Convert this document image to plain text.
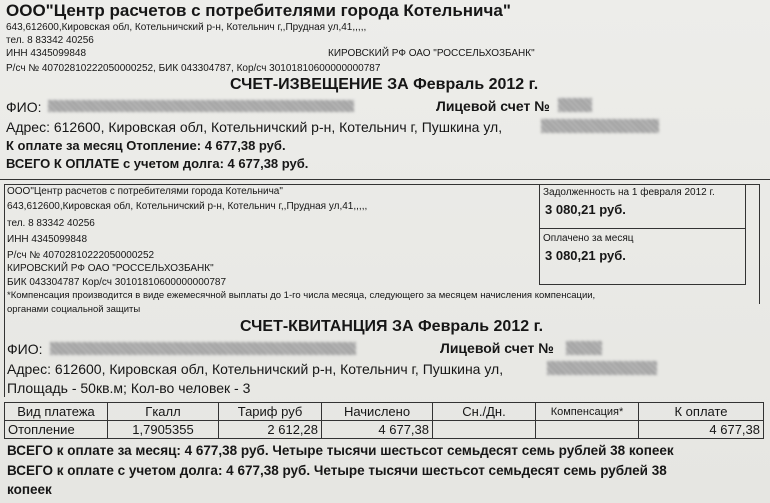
ООО"Центр расчетов с потребителями города Котельнича"
643,612600,Кировская обл, Котельничский р-н, Котельнич г,,Прудная ул,41,,,,,
тел. 8 83342 40256
ИНН 4345099848	КИРОВСКИЙ РФ ОАО "РОССЕЛЬХОЗБАНК"
Р/сч № 40702810222050000252, БИК 043304787, Кор/сч 30101810600000000787
СЧЕТ-ИЗВЕЩЕНИЕ ЗА Февраль 2012 г.
ФИО:	Лицевой счет №
Адрес: 612600, Кировская обл, Котельничский р-н, Котельнич г, Пушкина ул,
К оплате за месяц Отопление: 4 677,38 руб.
ВСЕГО К ОПЛАТЕ с учетом долга: 4 677,38 руб.
ООО"Центр расчетов с потребителями города Котельнича"
643,612600,Кировская обл, Котельничский р-н, Котельнич г,,Прудная ул,41,,,,,
тел. 8 83342 40256
ИНН 4345099848
Р/сч № 40702810222050000252
КИРОВСКИЙ РФ ОАО "РОССЕЛЬХОЗБАНК"
БИК 043304787 Кор/сч 30101810600000000787
*Компенсация производится в виде ежемесячной выплаты до 1-го числа месяца, следующего за месяцем начисления компенсации,
органами социальной защиты
Задолженность на 1 февраля 2012 г.
3 080,21 руб.
Оплачено за месяц
3 080,21 руб.
СЧЕТ-КВИТАНЦИЯ ЗА Февраль 2012 г.
ФИО:	Лицевой счет №
Адрес: 612600, Кировская обл, Котельничский р-н, Котельнич г, Пушкина ул,
Площадь - 50кв.м; Кол-во человек - 3
Вид платежа	Гкалл	Тариф руб	Начислено	Сн./Дн.	Компенсация*	К оплате
Отопление	1,7905355	2 612,28	4 677,38			4 677,38
ВСЕГО к оплате за месяц: 4 677,38 руб. Четыре тысячи шестьсот семьдесят семь рублей 38 копеек
ВСЕГО к оплате с учетом долга: 4 677,38 руб. Четыре тысячи шестьсот семьдесят семь рублей 38
копеек
